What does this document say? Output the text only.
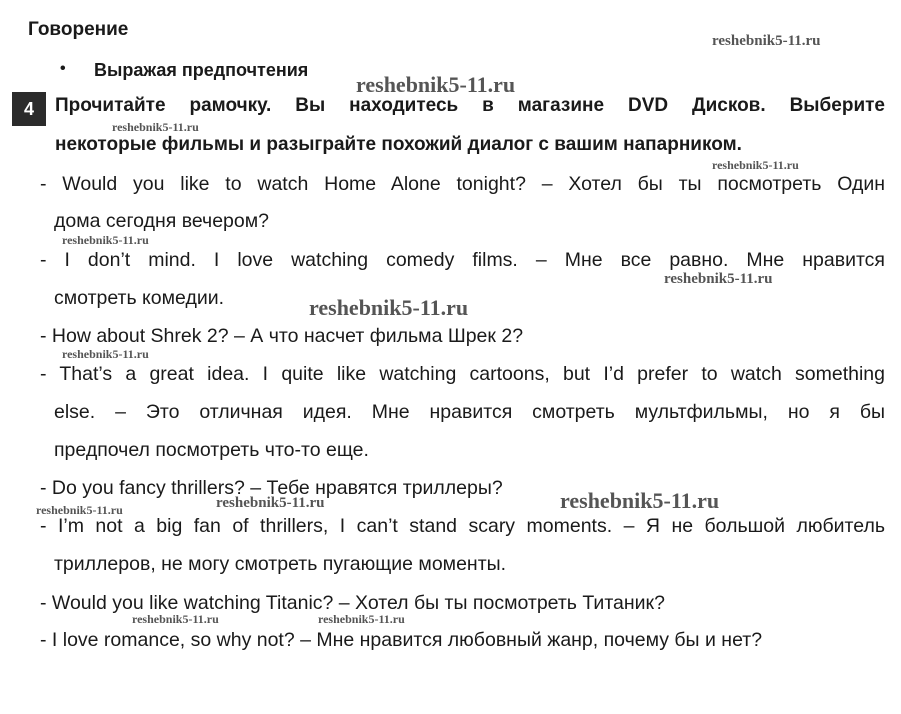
Говорение
• Выражая предпочтения
4	Прочитайте рамочку. Вы находитесь в магазине DVD Дисков. Выберите
некоторые фильмы и разыграйте похожий диалог с вашим напарником.
- Would you like to watch Home Alone tonight? – Хотел бы ты посмотреть Один
дома сегодня вечером?
- I don’t mind. I love watching comedy films. – Мне все равно. Мне нравится
смотреть комедии.
- How about Shrek 2? – А что насчет фильма Шрек 2?
- That’s a great idea. I quite like watching cartoons, but I’d prefer to watch something
else. – Это отличная идея. Мне нравится смотреть мультфильмы, но я бы
предпочел посмотреть что-то еще.
- Do you fancy thrillers? – Тебе нравятся триллеры?
- I’m not a big fan of thrillers, I can’t stand scary moments. – Я не большой любитель
триллеров, не могу смотреть пугающие моменты.
- Would you like watching Titanic? – Хотел бы ты посмотреть Титаник?
- I love romance, so why not? – Мне нравится любовный жанр, почему бы и нет?
reshebnik5-11.ru
reshebnik5-11.ru
reshebnik5-11.ru
reshebnik5-11.ru
reshebnik5-11.ru
reshebnik5-11.ru
reshebnik5-11.ru
reshebnik5-11.ru
reshebnik5-11.ru	reshebnik5-11.ru
reshebnik5-11.ru
reshebnik5-11.ru	reshebnik5-11.ru
